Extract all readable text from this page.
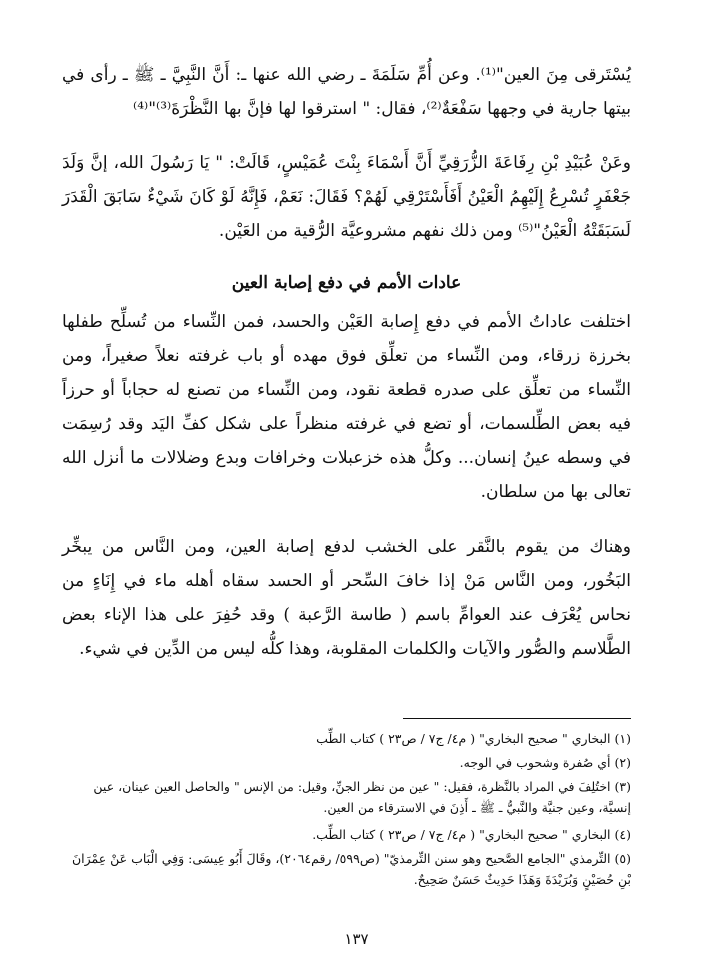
يُسْتَرقى مِنَ العين"⁽¹⁾. وعن أُمِّ سَلَمَةَ ـ رضي الله عنها ـ: أَنَّ النَّبِيَّ ـ ﷺ ـ رأى في بيتها جارية في وجهها سَفْعَةٌ⁽²⁾، فقال: " استرقوا لها فإنَّ بها النَّظْرَةَ⁽³⁾"⁽⁴⁾

وعَنْ عُبَيْدِ بْنِ رِفَاعَةَ الزُّرَقِيِّ أَنَّ أَسْمَاءَ بِنْتَ عُمَيْسٍ، قَالَتْ: " يَا رَسُولَ الله، إنَّ وَلَدَ جَعْفَرٍ تُسْرِعُ إِلَيْهِمُ الْعَيْنُ أَفَأَسْتَرْقِي لَهُمْ؟ فَقَالَ: نَعَمْ، فَإِنَّهُ لَوْ كَانَ شَيْءٌ سَابَقَ الْقَدَرَ لَسَبَقَتْهُ الْعَيْنُ"⁽⁵⁾ ومن ذلك نفهم مشروعيَّة الرُّقية من العَيْن.

عادات الأمم في دفع إصابة العين

اختلفت عاداتُ الأمم في دفع إِصابة العَيْن والحسد، فمن النِّساء من تُسلِّح طفلها بخرزة زرقاء، ومن النِّساء من تعلِّق فوق مهده أو باب غرفته نعلاً صغيراً، ومن النِّساء من تعلِّق على صدره قطعة نقود، ومن النِّساء من تصنع له حجاباً أو حرزاً فيه بعض الطِّلسمات، أو تضع في غرفته منظراً على شكل كفِّ اليَد وقد رُسِمَت في وسطه عينُ إنسان... وكلُّ هذه خزعبلات وخرافات وبدع وضلالات ما أنزل الله تعالى بها من سلطان.

وهناك من يقوم بالنَّقر على الخشب لدفع إصابة العين، ومن النَّاس من يبخِّر البَخُور، ومن النَّاس مَنْ إذا خافَ السِّحر أو الحسد سقاه أهله ماء في إِنَاءٍ من نحاس يُعْرَف عند العوامِّ باسم ( طاسة الرَّعبة ) وقد حُفِرَ على هذا الإناء بعض الطَّلاسم والصُّور والآيات والكلمات المقلوبة، وهذا كلُّه ليس من الدِّين في شيء.

(١) البخاري " صحيح البخاري" ( م٤/ ج٧ / ص٢٣ ) كتاب الطِّب

(٢) أي صُفرة وشحوب في الوجه.

(٣) اختُلِفَ في المراد بالنَّظرة، فقيل: " عين من نظر الجنِّ، وقيل: من الإنس " والحاصل العين عينان، عين إنسيَّة، وعين جنيَّة والنَّبيُّ ـ ﷺ ـ أَذِنَ في الاسترقاء من العين.

(٤) البخاري " صحيح البخاري" ( م٤/ ج٧ / ص٢٣ ) كتاب الطِّب.

(٥) التِّرمذي "الجامع الصَّحيح وهو سنن التِّرمذيّ" (ص٥٩٩/ رقم٢٠٦٤)، وقَالَ أَبُو عِيسَى: وَفِي الْبَاب عَنْ عِمْرَانَ بْنِ حُصَيْنٍ وَبُرَيْدَةَ وَهَذَا حَدِيثٌ حَسَنٌ صَحِيحٌ.

١٣٧
